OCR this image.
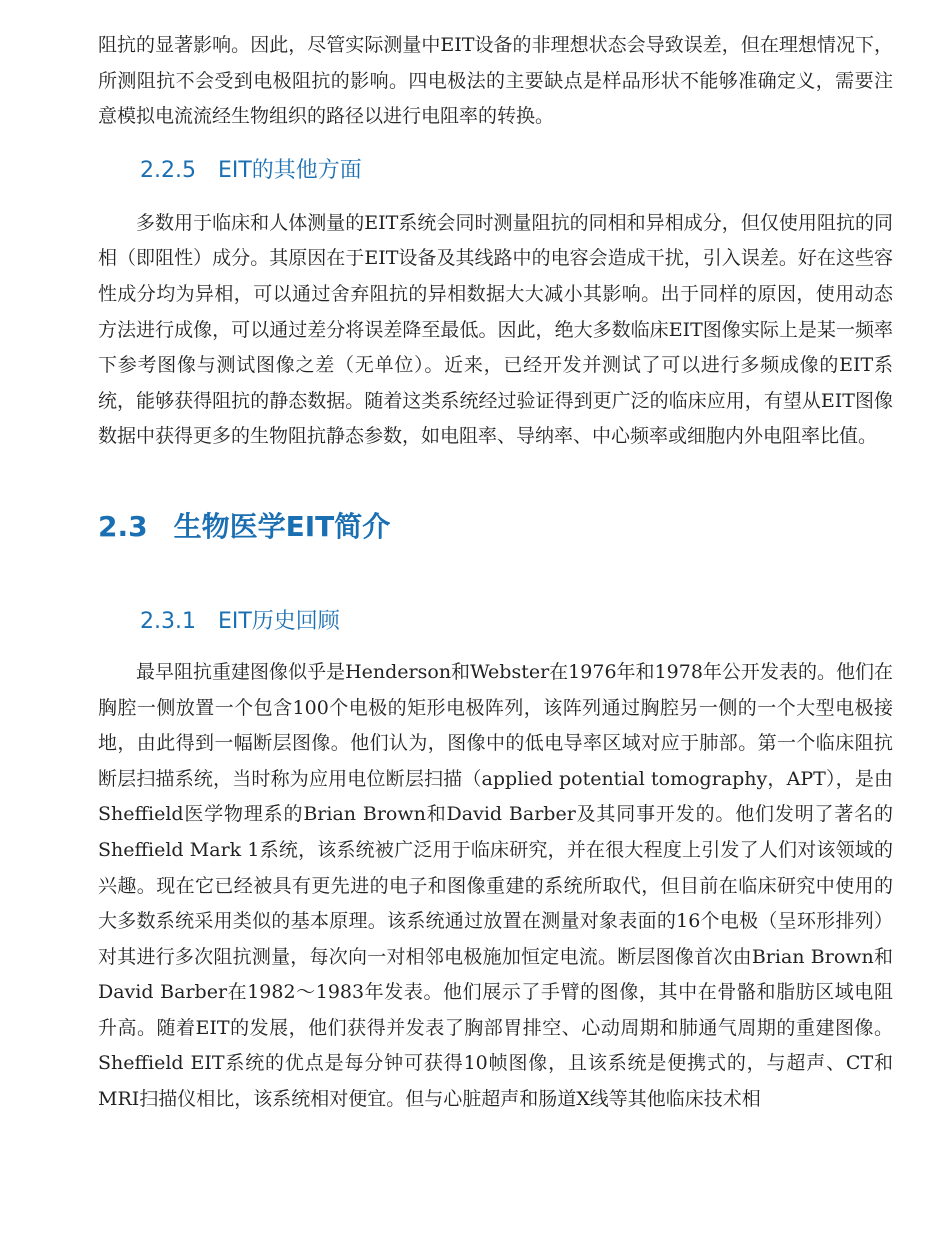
阻抗的显著影响。因此，尽管实际测量中EIT设备的非理想状态会导致误差，但在理想情况下，所测阻抗不会受到电极阻抗的影响。四电极法的主要缺点是样品形状不能够准确定义，需要注意模拟电流流经生物组织的路径以进行电阻率的转换。

2.2.5 EIT的其他方面

多数用于临床和人体测量的EIT系统会同时测量阻抗的同相和异相成分，但仅使用阻抗的同相（即阻性）成分。其原因在于EIT设备及其线路中的电容会造成干扰，引入误差。好在这些容性成分均为异相，可以通过舍弃阻抗的异相数据大大减小其影响。出于同样的原因，使用动态方法进行成像，可以通过差分将误差降至最低。因此，绝大多数临床EIT图像实际上是某一频率下参考图像与测试图像之差（无单位）。近来，已经开发并测试了可以进行多频成像的EIT系统，能够获得阻抗的静态数据。随着这类系统经过验证得到更广泛的临床应用，有望从EIT图像数据中获得更多的生物阻抗静态参数，如电阻率、导纳率、中心频率或细胞内外电阻率比值。

2.3 生物医学EIT简介
2.3.1 EIT历史回顾

最早阻抗重建图像似乎是Henderson和Webster在1976年和1978年公开发表的。他们在胸腔一侧放置一个包含100个电极的矩形电极阵列，该阵列通过胸腔另一侧的一个大型电极接地，由此得到一幅断层图像。他们认为，图像中的低电导率区域对应于肺部。第一个临床阻抗断层扫描系统，当时称为应用电位断层扫描（applied potential tomography，APT），是由Sheffield医学物理系的Brian Brown和David Barber及其同事开发的。他们发明了著名的Sheffield Mark 1系统，该系统被广泛用于临床研究，并在很大程度上引发了人们对该领域的兴趣。现在它已经被具有更先进的电子和图像重建的系统所取代，但目前在临床研究中使用的大多数系统采用类似的基本原理。该系统通过放置在测量对象表面的16个电极（呈环形排列）对其进行多次阻抗测量，每次向一对相邻电极施加恒定电流。断层图像首次由Brian Brown和David Barber在1982～1983年发表。他们展示了手臂的图像，其中在骨骼和脂肪区域电阻升高。随着EIT的发展，他们获得并发表了胸部胃排空、心动周期和肺通气周期的重建图像。Sheffield EIT系统的优点是每分钟可获得10帧图像，且该系统是便携式的，与超声、CT和MRI扫描仪相比，该系统相对便宜。但与心脏超声和肠道X线等其他临床技术相
